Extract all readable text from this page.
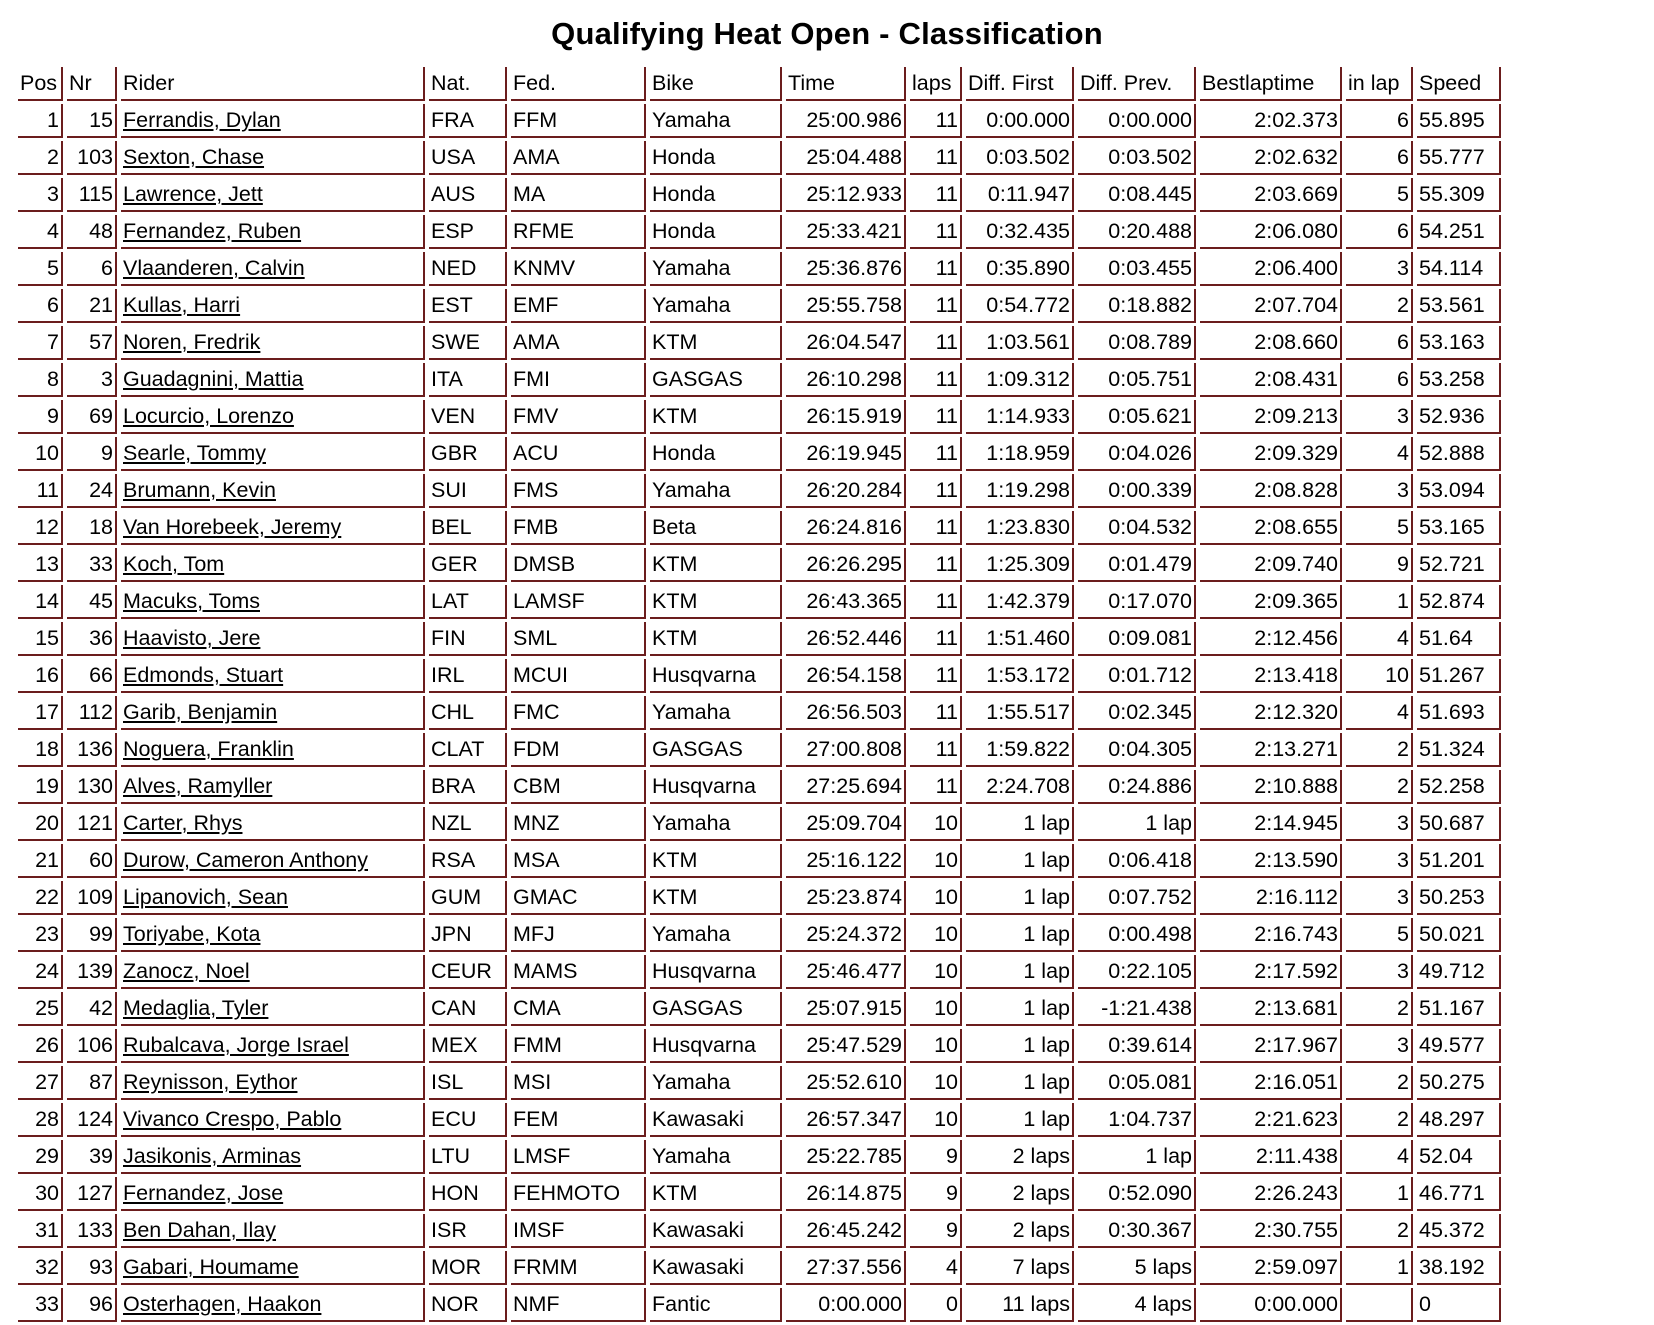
Qualifying Heat Open - Classification
Pos	Nr	Rider	Nat.	Fed.	Bike	Time	laps	Diff. First	Diff. Prev.	Bestlaptime	in lap	Speed
1	15	Ferrandis, Dylan	FRA	FFM	Yamaha	25:00.986	11	0:00.000	0:00.000	2:02.373	6	55.895
2	103	Sexton, Chase	USA	AMA	Honda	25:04.488	11	0:03.502	0:03.502	2:02.632	6	55.777
3	115	Lawrence, Jett	AUS	MA	Honda	25:12.933	11	0:11.947	0:08.445	2:03.669	5	55.309
4	48	Fernandez, Ruben	ESP	RFME	Honda	25:33.421	11	0:32.435	0:20.488	2:06.080	6	54.251
5	6	Vlaanderen, Calvin	NED	KNMV	Yamaha	25:36.876	11	0:35.890	0:03.455	2:06.400	3	54.114
6	21	Kullas, Harri	EST	EMF	Yamaha	25:55.758	11	0:54.772	0:18.882	2:07.704	2	53.561
7	57	Noren, Fredrik	SWE	AMA	KTM	26:04.547	11	1:03.561	0:08.789	2:08.660	6	53.163
8	3	Guadagnini, Mattia	ITA	FMI	GASGAS	26:10.298	11	1:09.312	0:05.751	2:08.431	6	53.258
9	69	Locurcio, Lorenzo	VEN	FMV	KTM	26:15.919	11	1:14.933	0:05.621	2:09.213	3	52.936
10	9	Searle, Tommy	GBR	ACU	Honda	26:19.945	11	1:18.959	0:04.026	2:09.329	4	52.888
11	24	Brumann, Kevin	SUI	FMS	Yamaha	26:20.284	11	1:19.298	0:00.339	2:08.828	3	53.094
12	18	Van Horebeek, Jeremy	BEL	FMB	Beta	26:24.816	11	1:23.830	0:04.532	2:08.655	5	53.165
13	33	Koch, Tom	GER	DMSB	KTM	26:26.295	11	1:25.309	0:01.479	2:09.740	9	52.721
14	45	Macuks, Toms	LAT	LAMSF	KTM	26:43.365	11	1:42.379	0:17.070	2:09.365	1	52.874
15	36	Haavisto, Jere	FIN	SML	KTM	26:52.446	11	1:51.460	0:09.081	2:12.456	4	51.64
16	66	Edmonds, Stuart	IRL	MCUI	Husqvarna	26:54.158	11	1:53.172	0:01.712	2:13.418	10	51.267
17	112	Garib, Benjamin	CHL	FMC	Yamaha	26:56.503	11	1:55.517	0:02.345	2:12.320	4	51.693
18	136	Noguera, Franklin	CLAT	FDM	GASGAS	27:00.808	11	1:59.822	0:04.305	2:13.271	2	51.324
19	130	Alves, Ramyller	BRA	CBM	Husqvarna	27:25.694	11	2:24.708	0:24.886	2:10.888	2	52.258
20	121	Carter, Rhys	NZL	MNZ	Yamaha	25:09.704	10	1 lap	1 lap	2:14.945	3	50.687
21	60	Durow, Cameron Anthony	RSA	MSA	KTM	25:16.122	10	1 lap	0:06.418	2:13.590	3	51.201
22	109	Lipanovich, Sean	GUM	GMAC	KTM	25:23.874	10	1 lap	0:07.752	2:16.112	3	50.253
23	99	Toriyabe, Kota	JPN	MFJ	Yamaha	25:24.372	10	1 lap	0:00.498	2:16.743	5	50.021
24	139	Zanocz, Noel	CEUR	MAMS	Husqvarna	25:46.477	10	1 lap	0:22.105	2:17.592	3	49.712
25	42	Medaglia, Tyler	CAN	CMA	GASGAS	25:07.915	10	1 lap	-1:21.438	2:13.681	2	51.167
26	106	Rubalcava, Jorge Israel	MEX	FMM	Husqvarna	25:47.529	10	1 lap	0:39.614	2:17.967	3	49.577
27	87	Reynisson, Eythor	ISL	MSI	Yamaha	25:52.610	10	1 lap	0:05.081	2:16.051	2	50.275
28	124	Vivanco Crespo, Pablo	ECU	FEM	Kawasaki	26:57.347	10	1 lap	1:04.737	2:21.623	2	48.297
29	39	Jasikonis, Arminas	LTU	LMSF	Yamaha	25:22.785	9	2 laps	1 lap	2:11.438	4	52.04
30	127	Fernandez, Jose	HON	FEHMOTO	KTM	26:14.875	9	2 laps	0:52.090	2:26.243	1	46.771
31	133	Ben Dahan, Ilay	ISR	IMSF	Kawasaki	26:45.242	9	2 laps	0:30.367	2:30.755	2	45.372
32	93	Gabari, Houmame	MOR	FRMM	Kawasaki	27:37.556	4	7 laps	5 laps	2:59.097	1	38.192
33	96	Osterhagen, Haakon	NOR	NMF	Fantic	0:00.000	0	11 laps	4 laps	0:00.000		0
